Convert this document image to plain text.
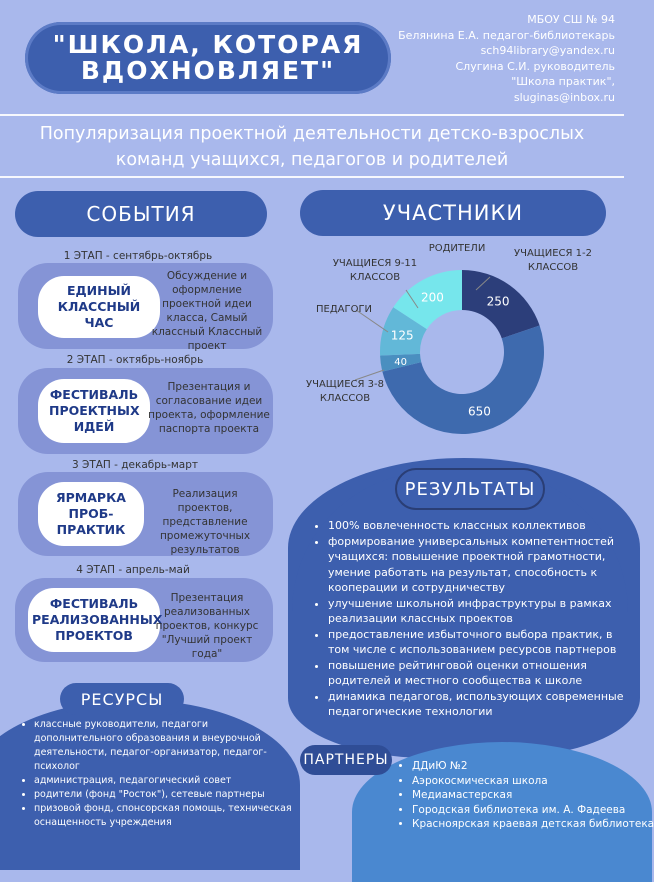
"ШКОЛА, КОТОРАЯ ВДОХНОВЛЯЕТ"
МБОУ СШ № 94
Белянина Е.А. педагог-библиотекарь
sch94library@yandex.ru
Слугина С.И. руководитель
"Школа практик",
sluginas@inbox.ru
Популяризация проектной деятельности детско-взрослых
команд учащихся, педагогов и родителей
СОБЫТИЯ
1 ЭТАП - сентябрь-октябрь
ЕДИНЫЙ КЛАССНЫЙ ЧАС
Обсуждение и оформление проектной идеи класса, Самый классный Классный проект
2 ЭТАП - октябрь-ноябрь
ФЕСТИВАЛЬ ПРОЕКТНЫХ ИДЕЙ
Презентация и согласование идеи проекта, оформление паспорта проекта
3 ЭТАП - декабрь-март
ЯРМАРКА ПРОБ-ПРАКТИК
Реализация проектов, представление промежуточных результатов
4 ЭТАП - апрель-май
ФЕСТИВАЛЬ РЕАЛИЗОВАННЫХ ПРОЕКТОВ
Презентация реализованных проектов, конкурс "Лучший проект года"
УЧАСТНИКИ
250
650
40
125
200
РОДИТЕЛИ
УЧАЩИЕСЯ 9-11 КЛАССОВ
ПЕДАГОГИ
УЧАЩИЕСЯ 1-2 КЛАССОВ
УЧАЩИЕСЯ 3-8 КЛАССОВ
РЕЗУЛЬТАТЫ
• 100% вовлеченность классных коллективов
• формирование универсальных компетентностей учащихся: повышение проектной грамотности, умение работать на результат, способность к кооперации и сотрудничеству
• улучшение школьной инфраструктуры в рамках реализации классных проектов
• предоставление избыточного выбора практик, в том числе с использованием ресурсов партнеров
• повышение рейтинговой оценки отношения родителей и местного сообщества к школе
• динамика педагогов, использующих современные педагогические технологии
РЕСУРСЫ
• классные руководители, педагоги дополнительного образования и внеурочной деятельности, педагог-организатор, педагог-психолог
• администрация, педагогический совет
• родители (фонд "Росток"), сетевые партнеры
• призовой фонд, спонсорская помощь, техническая оснащенность учреждения
ПАРТНЕРЫ
• ДДиЮ №2
• Аэрокосмическая школа
• Медиамастерская
• Городская библиотека им. А. Фадеева
• Красноярская краевая детская библиотека
